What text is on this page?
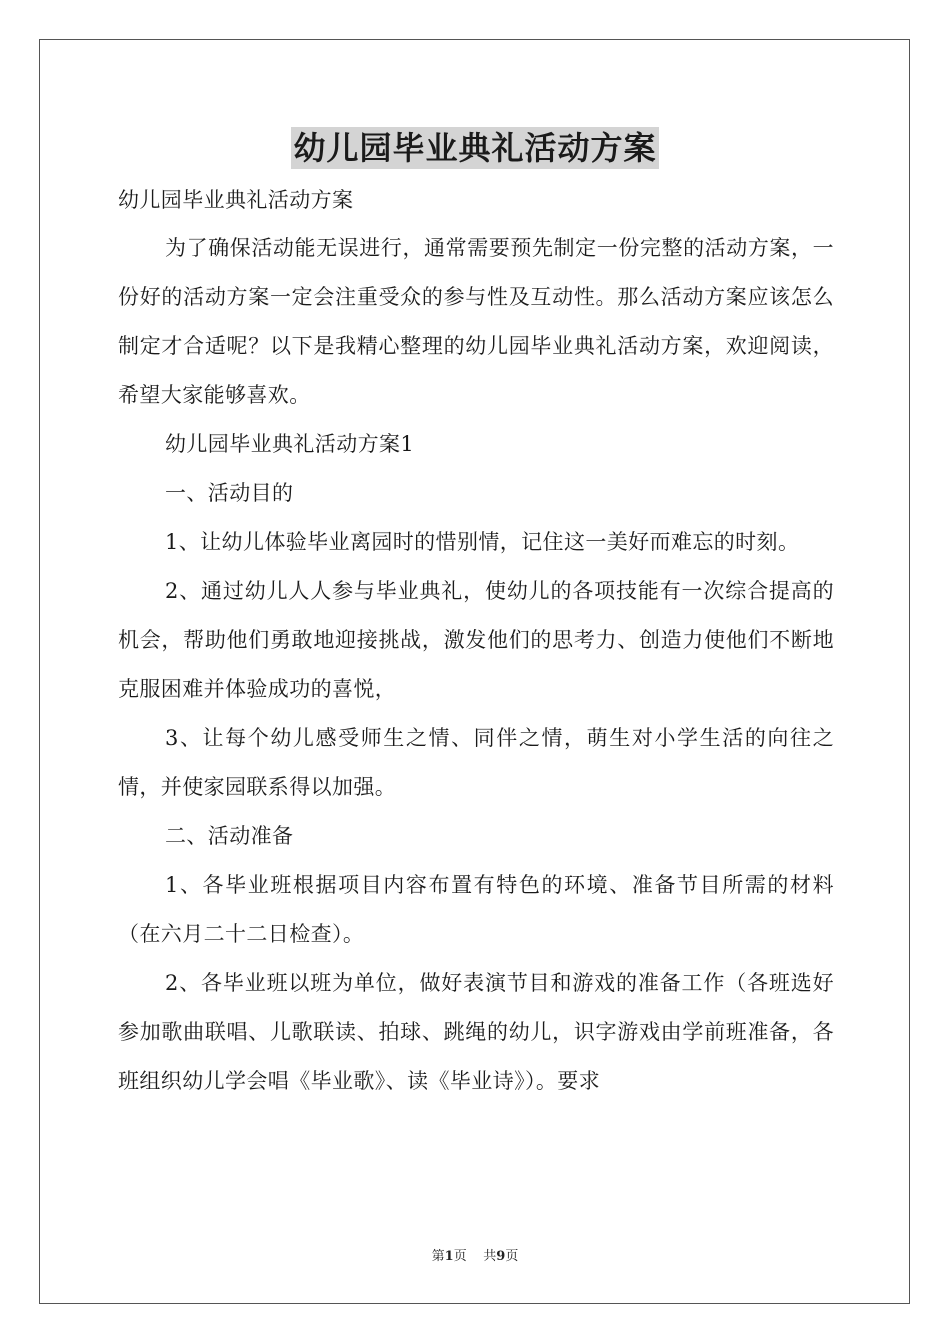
幼儿园毕业典礼活动方案

幼儿园毕业典礼活动方案

为了确保活动能无误进行，通常需要预先制定一份完整的活动方案，一份好的活动方案一定会注重受众的参与性及互动性。那么活动方案应该怎么制定才合适呢？以下是我精心整理的幼儿园毕业典礼活动方案，欢迎阅读，希望大家能够喜欢。

幼儿园毕业典礼活动方案1

一、活动目的

1、让幼儿体验毕业离园时的惜别情，记住这一美好而难忘的时刻。

2、通过幼儿人人参与毕业典礼，使幼儿的各项技能有一次综合提高的机会，帮助他们勇敢地迎接挑战，激发他们的思考力、创造力使他们不断地克服困难并体验成功的喜悦，

3、让每个幼儿感受师生之情、同伴之情，萌生对小学生活的向往之情，并使家园联系得以加强。

二、活动准备

1、各毕业班根据项目内容布置有特色的环境、准备节目所需的材料（在六月二十二日检查）。

2、各毕业班以班为单位，做好表演节目和游戏的准备工作（各班选好参加歌曲联唱、儿歌联读、拍球、跳绳的幼儿，识字游戏由学前班准备，各班组织幼儿学会唱《毕业歌》、读《毕业诗》）。要求

第1页 共9页
